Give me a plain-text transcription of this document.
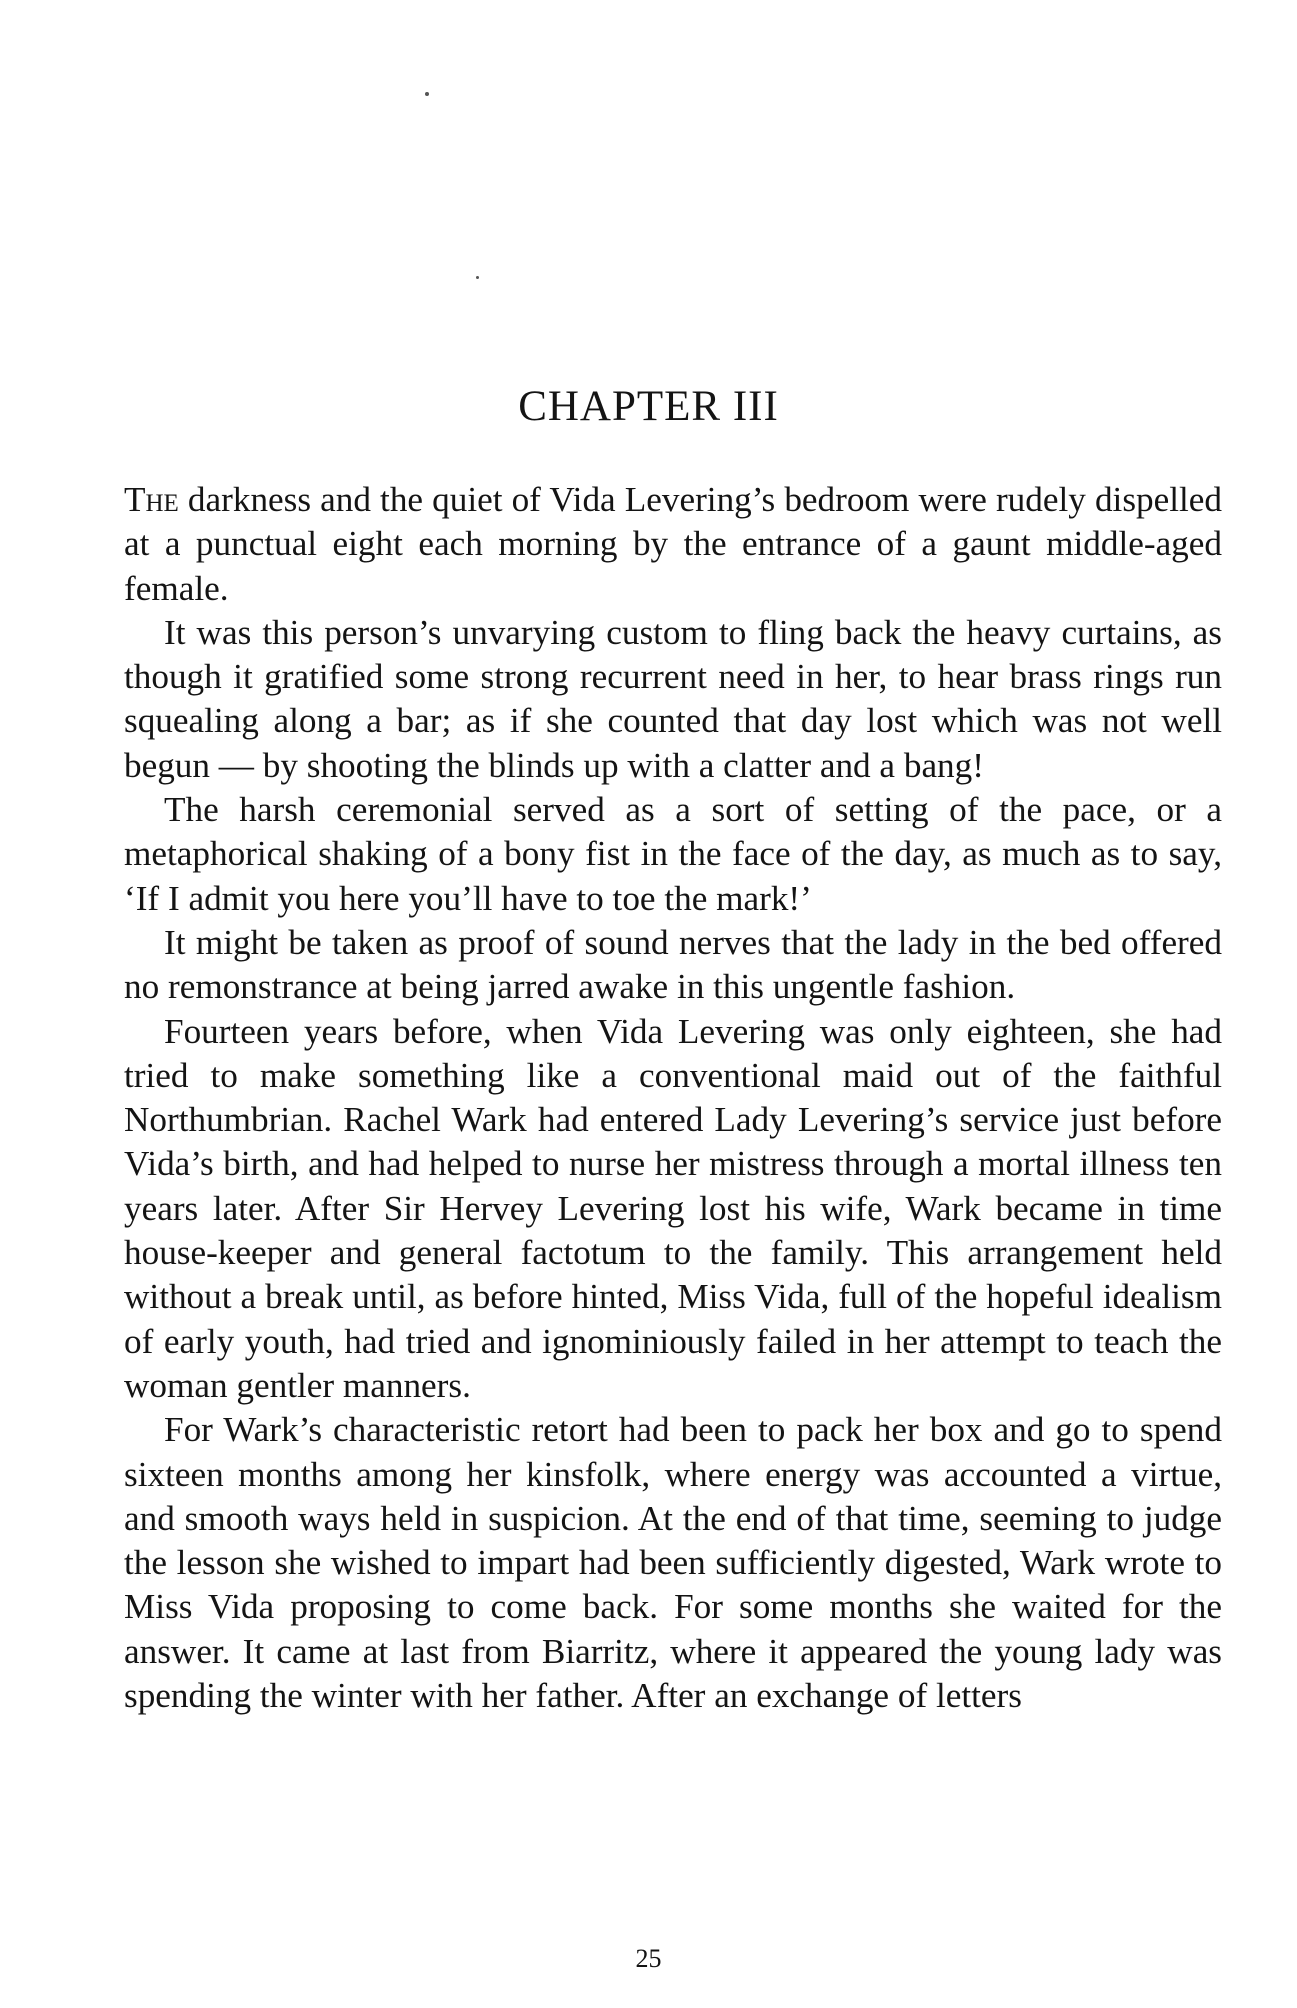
CHAPTER III

The darkness and the quiet of Vida Levering’s bedroom were rudely dispelled at a punctual eight each morning by the entrance of a gaunt middle-aged female.

It was this person’s unvarying custom to fling back the heavy curtains, as though it gratified some strong recurrent need in her, to hear brass rings run squealing along a bar; as if she counted that day lost which was not well begun — by shooting the blinds up with a clatter and a bang!

The harsh ceremonial served as a sort of setting of the pace, or a metaphorical shaking of a bony fist in the face of the day, as much as to say, ‘If I admit you here you’ll have to toe the mark!’

It might be taken as proof of sound nerves that the lady in the bed offered no remonstrance at being jarred awake in this ungentle fashion.

Fourteen years before, when Vida Levering was only eighteen, she had tried to make something like a conventional maid out of the faithful Northumbrian. Rachel Wark had entered Lady Levering’s service just before Vida’s birth, and had helped to nurse her mistress through a mortal illness ten years later. After Sir Hervey Levering lost his wife, Wark became in time house-keeper and general factotum to the family. This arrangement held without a break until, as before hinted, Miss Vida, full of the hopeful idealism of early youth, had tried and ignominiously failed in her attempt to teach the woman gentler manners.

For Wark’s characteristic retort had been to pack her box and go to spend sixteen months among her kinsfolk, where energy was accounted a virtue, and smooth ways held in suspicion. At the end of that time, seeming to judge the lesson she wished to impart had been sufficiently digested, Wark wrote to Miss Vida proposing to come back. For some months she waited for the answer. It came at last from Biarritz, where it appeared the young lady was spending the winter with her father. After an exchange of letters

25
